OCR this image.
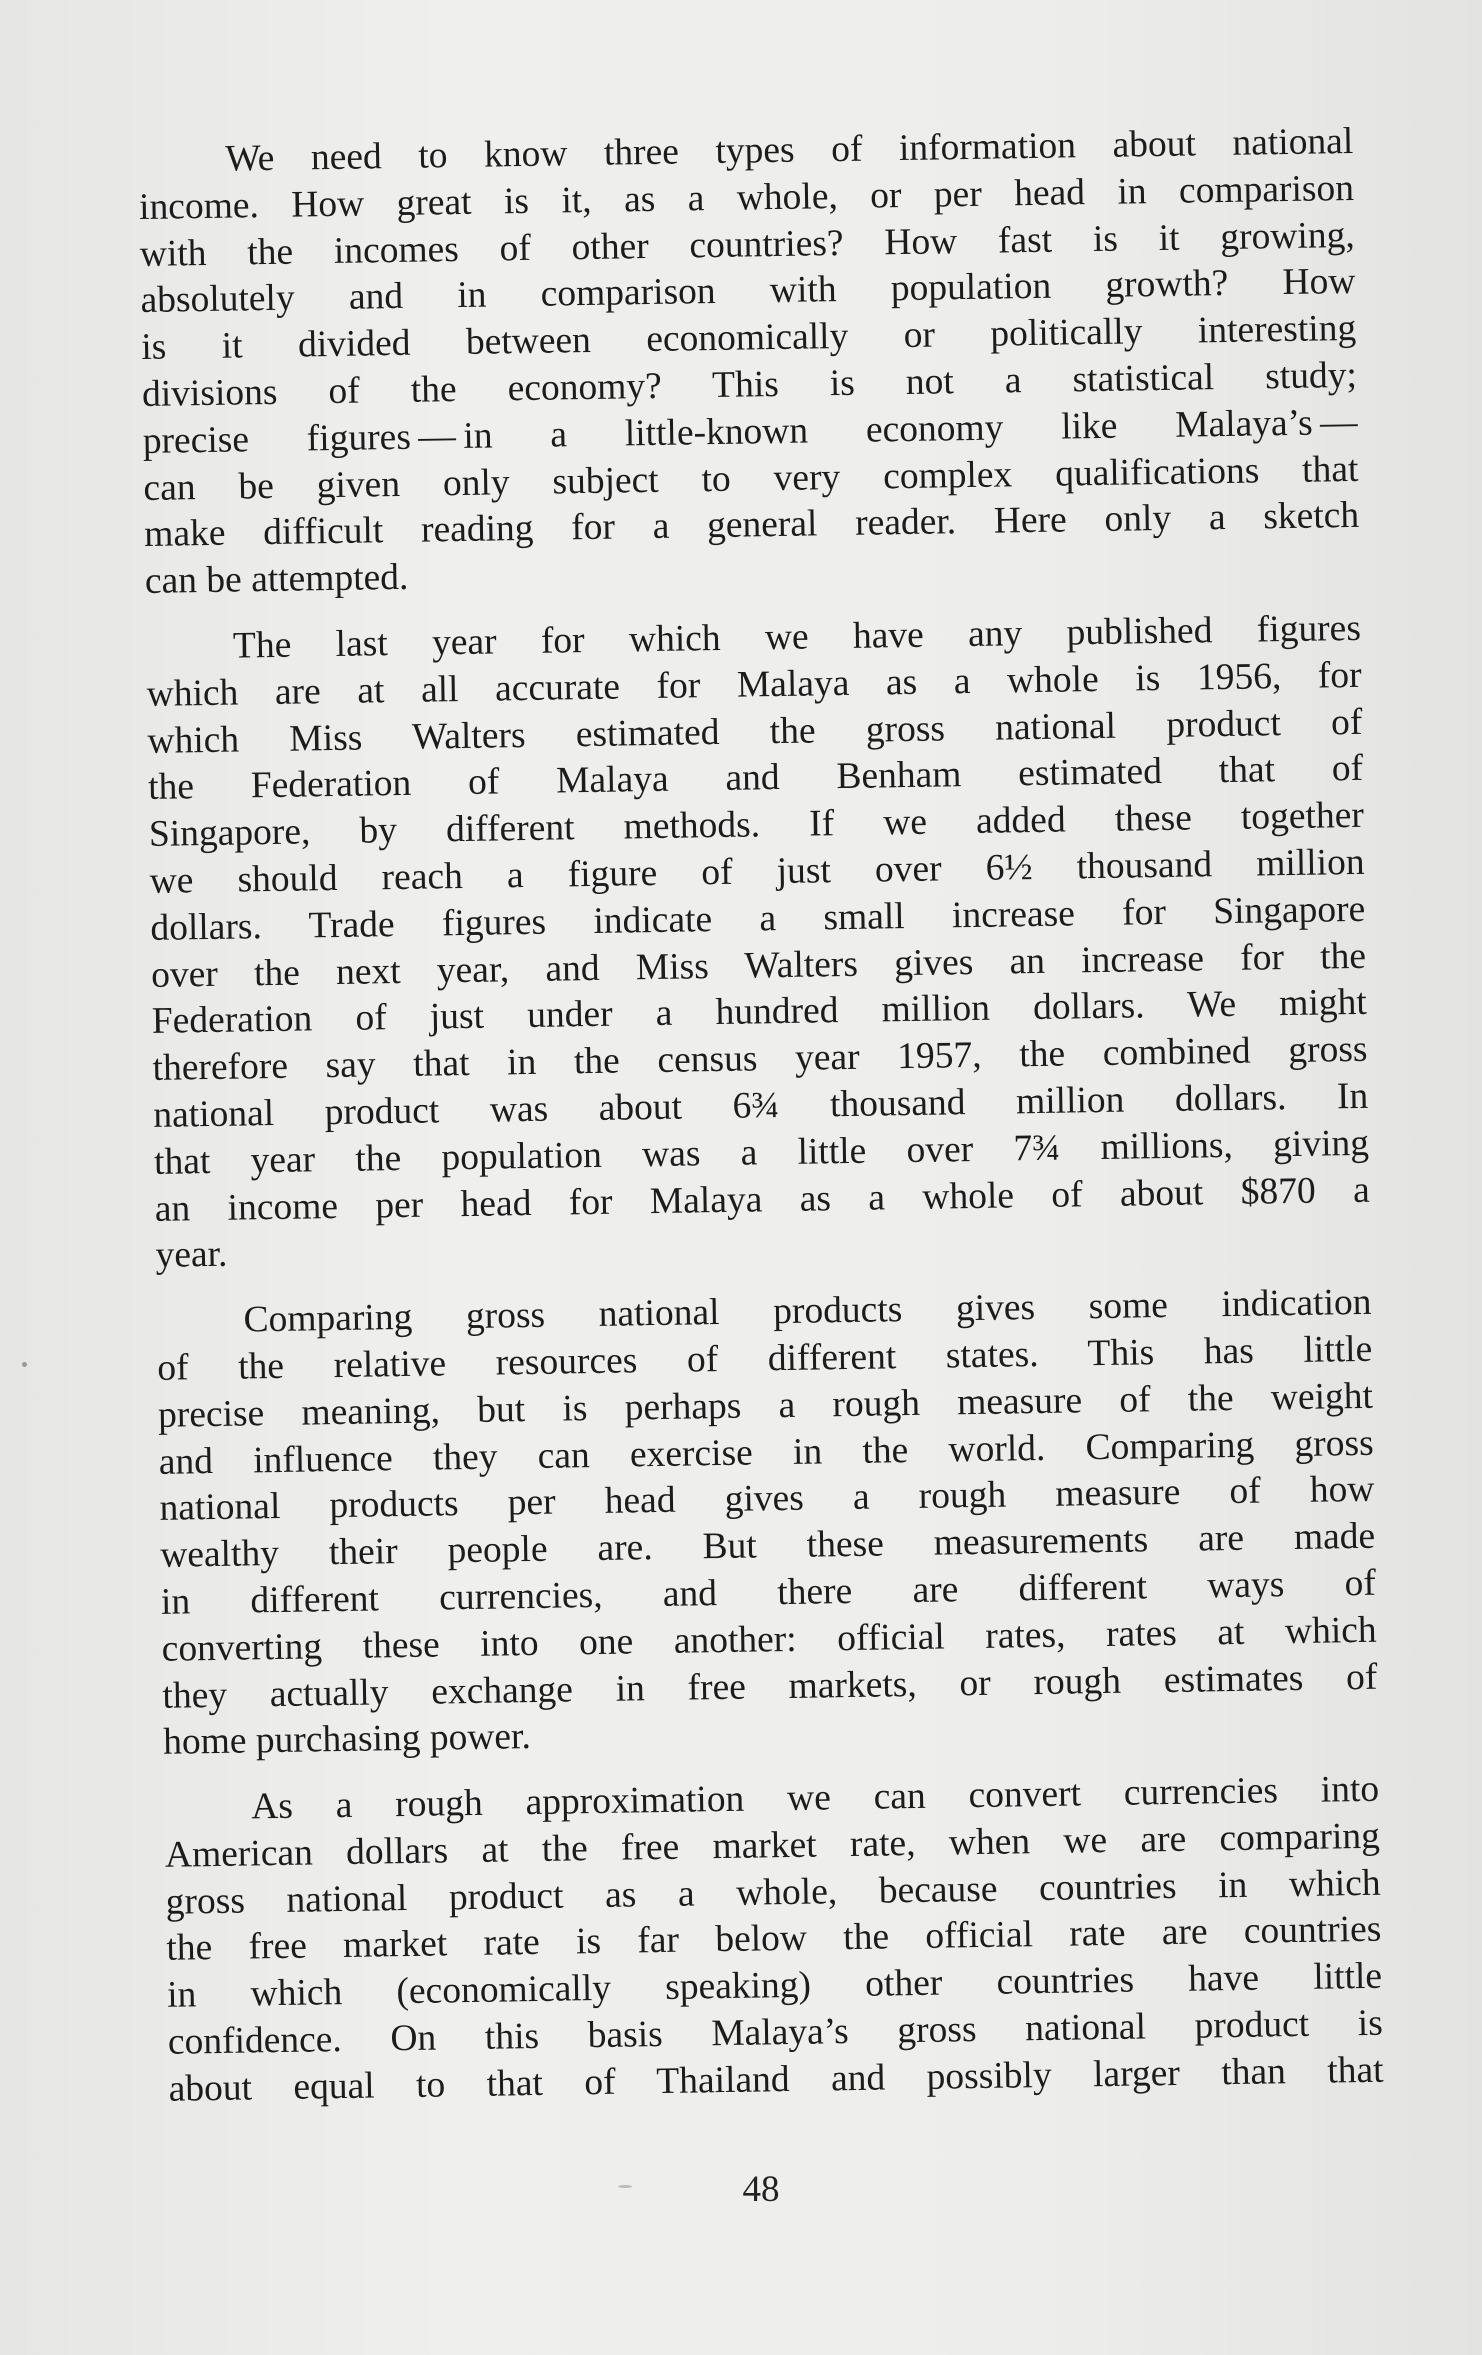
We need to know three types of information about national
income. How great is it, as a whole, or per head in comparison
with the incomes of other countries? How fast is it growing,
absolutely and in comparison with population growth? How
is it divided between economically or politically interesting
divisions of the economy? This is not a statistical study;
precise figures — in a little-known economy like Malaya’s —
can be given only subject to very complex qualifications that
make difficult reading for a general reader. Here only a sketch
can be attempted.
The last year for which we have any published figures
which are at all accurate for Malaya as a whole is 1956, for
which Miss Walters estimated the gross national product of
the Federation of Malaya and Benham estimated that of
Singapore, by different methods. If we added these together
we should reach a figure of just over 6½ thousand million
dollars. Trade figures indicate a small increase for Singapore
over the next year, and Miss Walters gives an increase for the
Federation of just under a hundred million dollars. We might
therefore say that in the census year 1957, the combined gross
national product was about 6¾ thousand million dollars. In
that year the population was a little over 7¾ millions, giving
an income per head for Malaya as a whole of about $870 a
year.
Comparing gross national products gives some indication
of the relative resources of different states. This has little
precise meaning, but is perhaps a rough measure of the weight
and influence they can exercise in the world. Comparing gross
national products per head gives a rough measure of how
wealthy their people are. But these measurements are made
in different currencies, and there are different ways of
converting these into one another: official rates, rates at which
they actually exchange in free markets, or rough estimates of
home purchasing power.
As a rough approximation we can convert currencies into
American dollars at the free market rate, when we are comparing
gross national product as a whole, because countries in which
the free market rate is far below the official rate are countries
in which (economically speaking) other countries have little
confidence. On this basis Malaya’s gross national product is
about equal to that of Thailand and possibly larger than that
48
